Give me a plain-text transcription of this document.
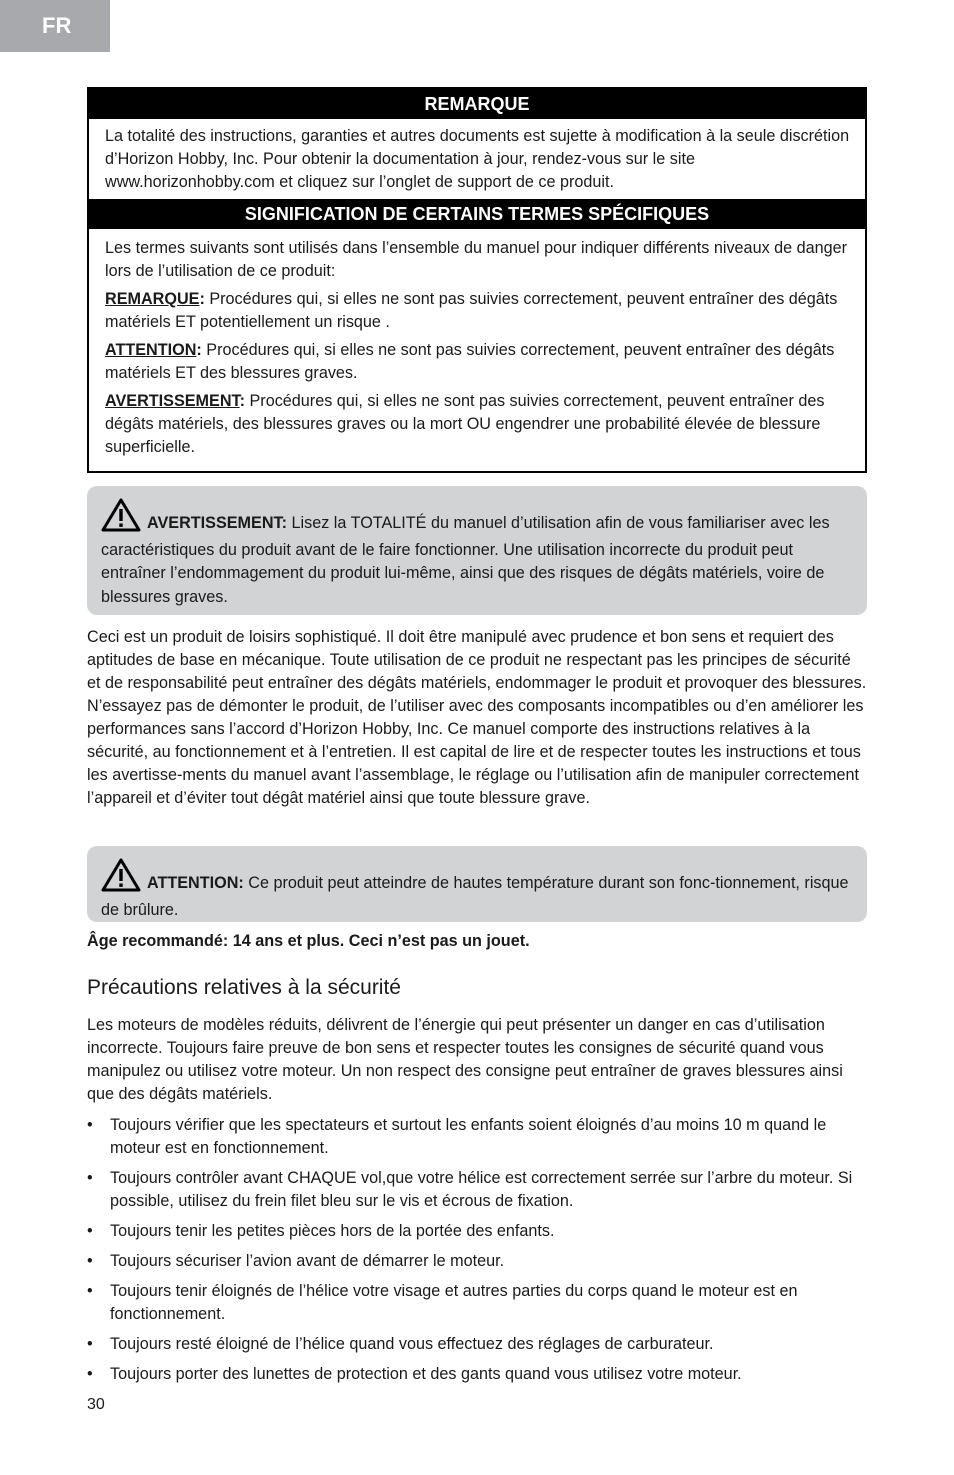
FR
REMARQUE

La totalité des instructions, garanties et autres documents est sujette à modification à la seule discrétion d’Horizon Hobby, Inc. Pour obtenir la documentation à jour, rendez-vous sur le site www.horizonhobby.com et cliquez sur l’onglet de support de ce produit.

SIGNIFICATION DE CERTAINS TERMES SPÉCIFIQUES

Les termes suivants sont utilisés dans l’ensemble du manuel pour indiquer différents niveaux de danger lors de l’utilisation de ce produit:

REMARQUE: Procédures qui, si elles ne sont pas suivies correctement, peuvent entraîner des dégâts matériels ET potentiellement un risque .

ATTENTION: Procédures qui, si elles ne sont pas suivies correctement, peuvent entraîner des dégâts matériels ET des blessures graves.

AVERTISSEMENT: Procédures qui, si elles ne sont pas suivies correctement, peuvent entraîner des dégâts matériels, des blessures graves ou la mort OU engendrer une probabilité élevée de blessure superficielle.

AVERTISSEMENT: Lisez la TOTALITÉ du manuel d’utilisation afin de vous familiariser avec les caractéristiques du produit avant de le faire fonctionner. Une utilisation incorrecte du produit peut entraîner l’endommagement du produit lui-même, ainsi que des risques de dégâts matériels, voire de blessures graves.

Ceci est un produit de loisirs sophistiqué. Il doit être manipulé avec prudence et bon sens et requiert des aptitudes de base en mécanique. Toute utilisation de ce produit ne respectant pas les principes de sécurité et de responsabilité peut entraîner des dégâts matériels, endommager le produit et provoquer des blessures. N’essayez pas de démonter le produit, de l’utiliser avec des composants incompatibles ou d’en améliorer les performances sans l’accord d’Horizon Hobby, Inc. Ce manuel comporte des instructions relatives à la sécurité, au fonctionnement et à l’entretien. Il est capital de lire et de respecter toutes les instructions et tous les avertisse-ments du manuel avant l’assemblage, le réglage ou l’utilisation afin de manipuler correctement l’appareil et d’éviter tout dégât matériel ainsi que toute blessure grave.

ATTENTION: Ce produit peut atteindre de hautes température durant son fonc-tionnement, risque de brûlure.

Âge recommandé: 14 ans et plus. Ceci n’est pas un jouet.

Précautions relatives à la sécurité

Les moteurs de modèles réduits, délivrent de l’énergie qui peut présenter un danger en cas d’utilisation incorrecte. Toujours faire preuve de bon sens et respecter toutes les consignes de sécurité quand vous manipulez ou utilisez votre moteur. Un non respect des consigne peut entraîner de graves blessures ainsi que des dégâts matériels.

• Toujours vérifier que les spectateurs et surtout les enfants soient éloignés d’au moins 10 m quand le moteur est en fonctionnement.
• Toujours contrôler avant CHAQUE vol,que votre hélice est correctement serrée sur l’arbre du moteur. Si possible, utilisez du frein filet bleu sur le vis et écrous de fixation.
• Toujours tenir les petites pièces hors de la portée des enfants.
• Toujours sécuriser l’avion avant de démarrer le moteur.
• Toujours tenir éloignés de l’hélice votre visage et autres parties du corps quand le moteur est en fonctionnement.
• Toujours resté éloigné de l’hélice quand vous effectuez des réglages de carburateur.
• Toujours porter des lunettes de protection et des gants quand vous utilisez votre moteur.
30
